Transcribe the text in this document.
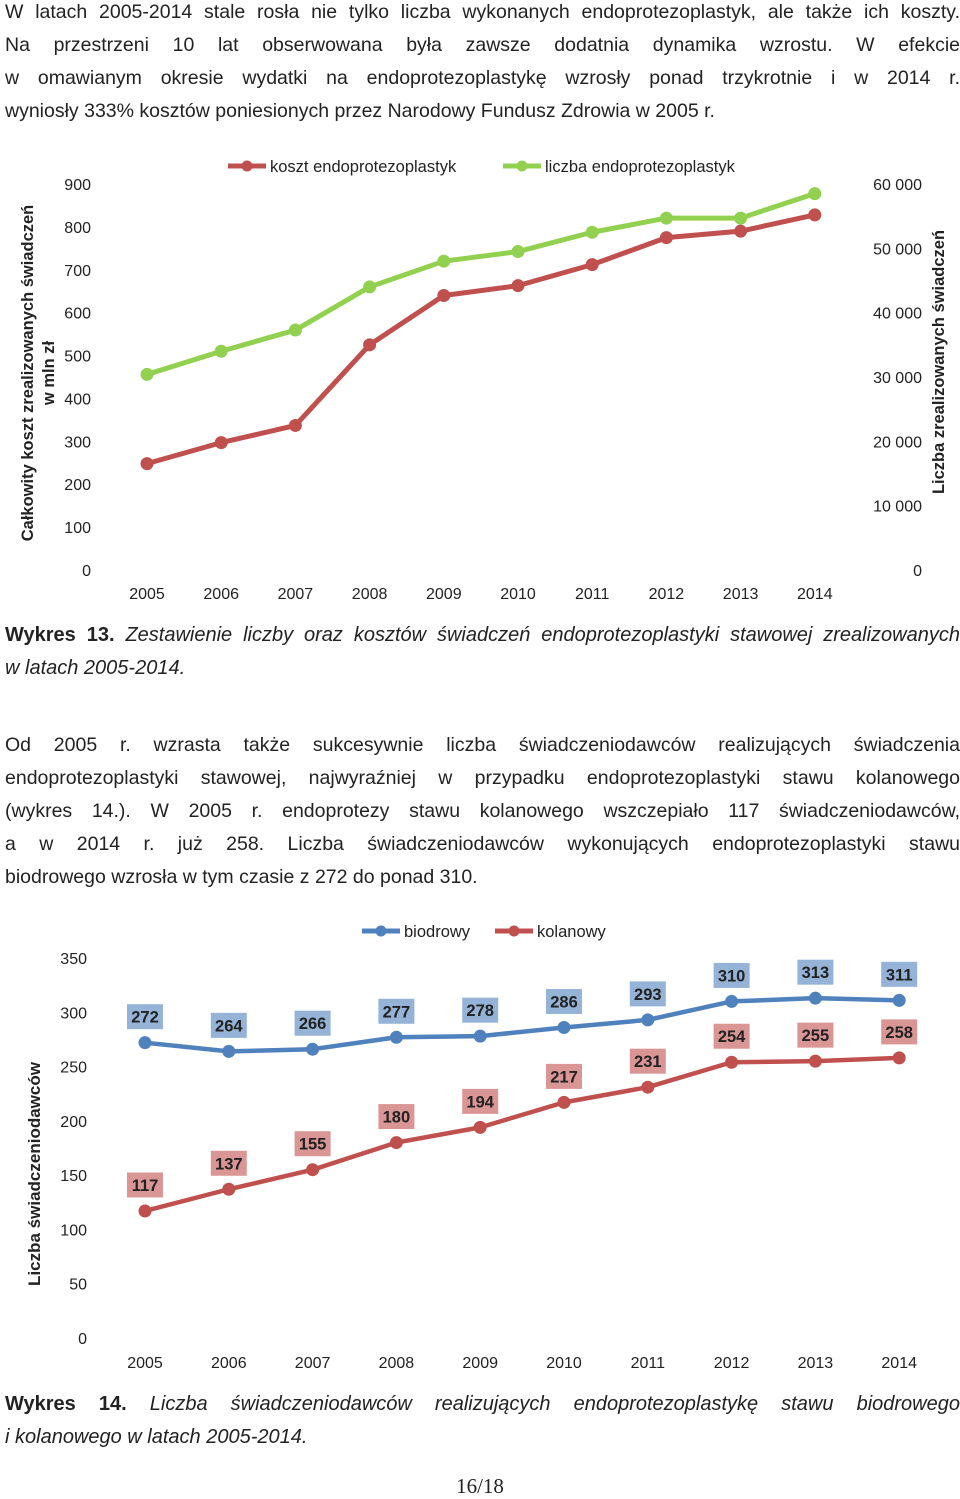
W latach 2005-2014 stale rosła nie tylko liczba wykonanych endoprotezoplastyk, ale także ich koszty.
Na przestrzeni 10 lat obserwowana była zawsze dodatnia dynamika wzrostu. W efekcie
w omawianym okresie wydatki na endoprotezoplastykę wzrosły ponad trzykrotnie i w 2014 r.
wyniosły 333% kosztów poniesionych przez Narodowy Fundusz Zdrowia w 2005 r.
koszt endoprotezoplastyk	liczba endoprotezoplastyk
0
100
200
300
400
500
600
700
800
900
0
10 000
20 000
30 000
40 000
50 000
60 000
2005 2006 2007 2008 2009 2010 2011 2012 2013 2014
Całkowity koszt zrealizowanych świadczeń w mln zł	Liczba zrealizowanych świadczeń
Wykres 13. Zestawienie liczby oraz kosztów świadczeń endoprotezoplastyki stawowej zrealizowanych
w latach 2005-2014.
Od 2005 r. wzrasta także sukcesywnie liczba świadczeniodawców realizujących świadczenia
endoprotezoplastyki stawowej, najwyraźniej w przypadku endoprotezoplastyki stawu kolanowego
(wykres 14.). W 2005 r. endoprotezy stawu kolanowego wszczepiało 117 świadczeniodawców,
a w 2014 r. już 258. Liczba świadczeniodawców wykonujących endoprotezoplastyki stawu
biodrowego wzrosła w tym czasie z 272 do ponad 310.
biodrowy	kolanowy
0
50
100
150
200
250
300
350
2005	2006	2007	2008	2009	2010	2011	2012	2013	2014
Liczba świadczeniodawców
272	264	266
277	278	286	293
310	313	311
117
137
155
180
194
217
231
254	255	258
Wykres 14. Liczba świadczeniodawców realizujących endoprotezoplastykę stawu biodrowego
i kolanowego w latach 2005-2014.
16/18
